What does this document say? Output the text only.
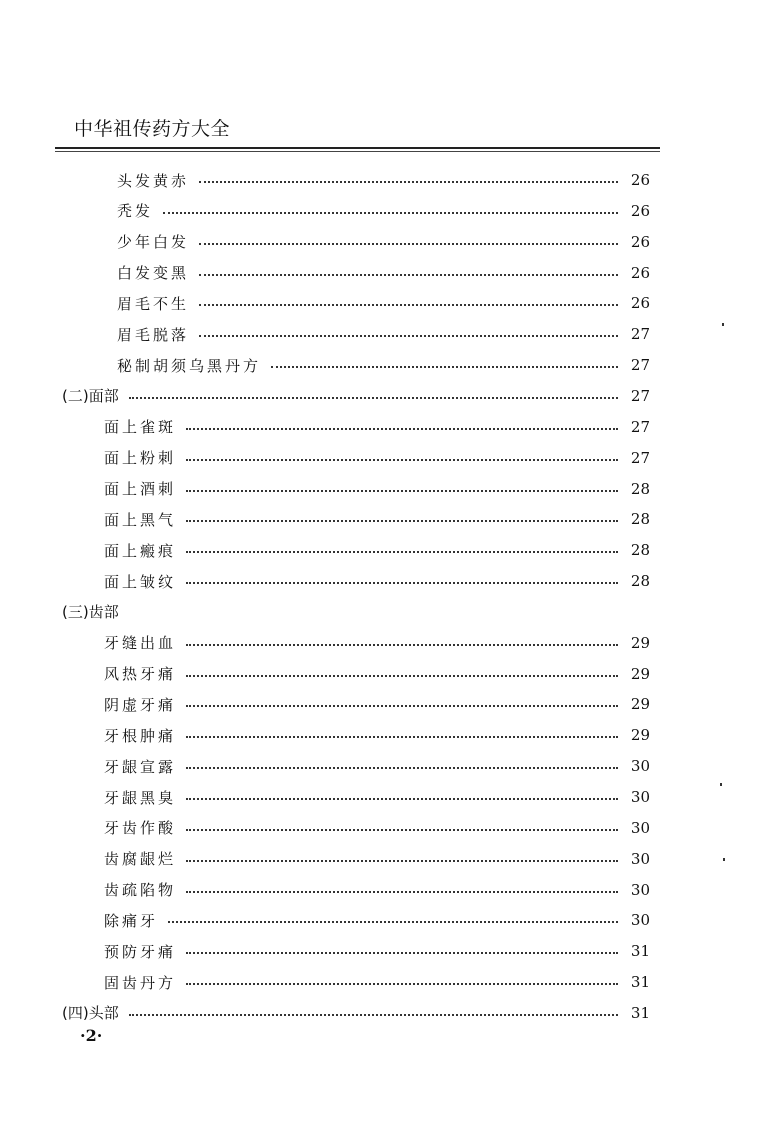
中华祖传药方大全
头发黄赤	26
秃发	26
少年白发	26
白发变黑	26
眉毛不生	26
眉毛脱落	27
秘制胡须乌黑丹方	27
(二)面部	27
面上雀斑	27
面上粉刺	27
面上酒刺	28
面上黑气	28
面上瘢痕	28
面上皱纹	28
(三)齿部
牙缝出血	29
风热牙痛	29
阴虚牙痛	29
牙根肿痛	29
牙龈宣露	30
牙龈黑臭	30
牙齿作酸	30
齿腐龈烂	30
齿疏陷物	30
除痛牙	30
预防牙痛	31
固齿丹方	31
(四)头部	31
·2·
